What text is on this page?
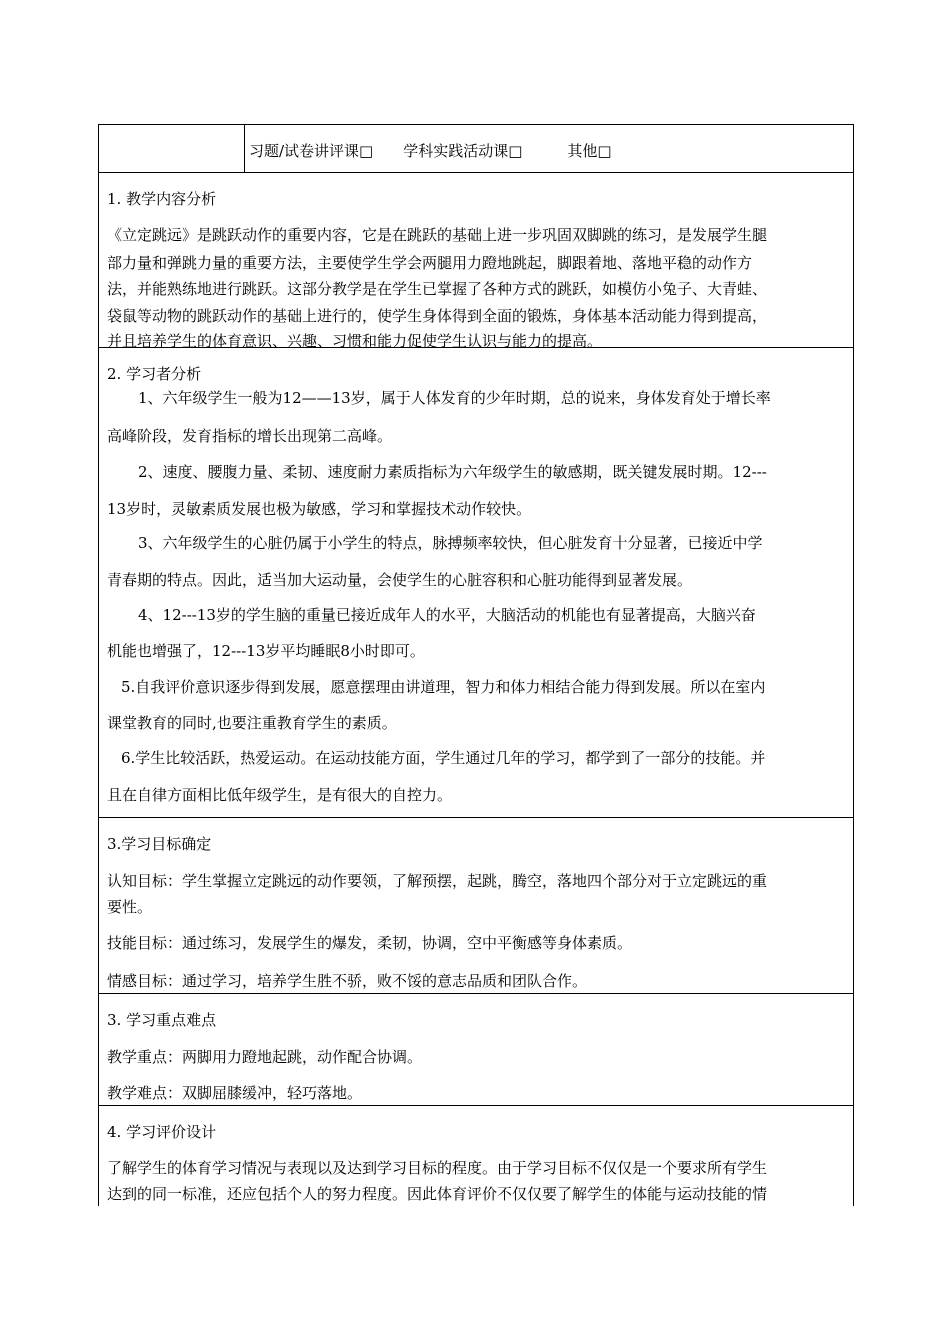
习题/试卷讲评课□　　学科实践活动课□　　　其他□
1. 教学内容分析
《立定跳远》是跳跃动作的重要内容，它是在跳跃的基础上进一步巩固双脚跳的练习，是发展学生腿
部力量和弹跳力量的重要方法，主要使学生学会两腿用力蹬地跳起，脚跟着地、落地平稳的动作方
法，并能熟练地进行跳跃。这部分教学是在学生已掌握了各种方式的跳跃，如模仿小兔子、大青蛙、
袋鼠等动物的跳跃动作的基础上进行的，使学生身体得到全面的锻炼，身体基本活动能力得到提高，
并且培养学生的体育意识、兴趣、习惯和能力促使学生认识与能力的提高。
2. 学习者分析
1、六年级学生一般为12——13岁，属于人体发育的少年时期，总的说来，身体发育处于增长率
高峰阶段，发育指标的增长出现第二高峰。
2、速度、腰腹力量、柔韧、速度耐力素质指标为六年级学生的敏感期，既关键发展时期。12---
13岁时，灵敏素质发展也极为敏感，学习和掌握技术动作较快。
3、六年级学生的心脏仍属于小学生的特点，脉搏频率较快，但心脏发育十分显著，已接近中学
青春期的特点。因此，适当加大运动量，会使学生的心脏容积和心脏功能得到显著发展。
4、12---13岁的学生脑的重量已接近成年人的水平，大脑活动的机能也有显著提高，大脑兴奋
机能也增强了，12---13岁平均睡眠8小时即可。
5.自我评价意识逐步得到发展，愿意摆理由讲道理，智力和体力相结合能力得到发展。所以在室内
课堂教育的同时,也要注重教育学生的素质。
6.学生比较活跃，热爱运动。在运动技能方面，学生通过几年的学习，都学到了一部分的技能。并
且在自律方面相比低年级学生，是有很大的自控力。
3.学习目标确定
认知目标：学生掌握立定跳远的动作要领，了解预摆，起跳，腾空，落地四个部分对于立定跳远的重
要性。
技能目标：通过练习，发展学生的爆发，柔韧，协调，空中平衡感等身体素质。
情感目标：通过学习，培养学生胜不骄，败不馁的意志品质和团队合作。
3. 学习重点难点
教学重点：两脚用力蹬地起跳，动作配合协调。
教学难点：双脚屈膝缓冲，轻巧落地。
4. 学习评价设计
了解学生的体育学习情况与表现以及达到学习目标的程度。由于学习目标不仅仅是一个要求所有学生
达到的同一标准，还应包括个人的努力程度。因此体育评价不仅仅要了解学生的体能与运动技能的情
